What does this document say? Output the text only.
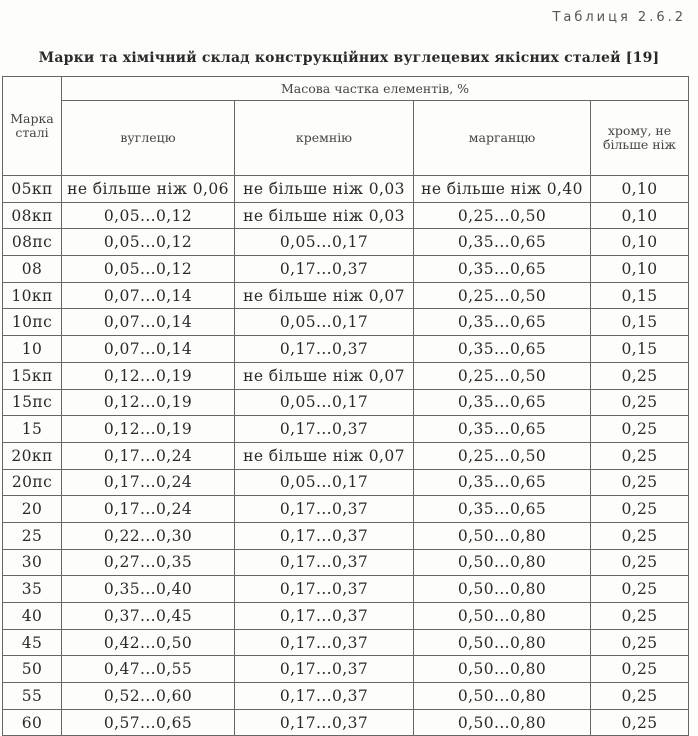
Таблиця 2.6.2
Марки та хімічний склад конструкційних вуглецевих якісних сталей [19]
Марка сталі	Масова частка елементів, %			
	вуглецю	кремнію	марганцю	хрому, не більше ніж
05кп	не більше ніж 0,06	не більше ніж 0,03	не більше ніж 0,40	0,10
08кп	0,05...0,12	не більше ніж 0,03	0,25...0,50	0,10
08пс	0,05...0,12	0,05...0,17	0,35...0,65	0,10
08	0,05...0,12	0,17...0,37	0,35...0,65	0,10
10кп	0,07...0,14	не більше ніж 0,07	0,25...0,50	0,15
10пс	0,07...0,14	0,05...0,17	0,35...0,65	0,15
10	0,07...0,14	0,17...0,37	0,35...0,65	0,15
15кп	0,12...0,19	не більше ніж 0,07	0,25...0,50	0,25
15пс	0,12...0,19	0,05...0,17	0,35...0,65	0,25
15	0,12...0,19	0,17...0,37	0,35...0,65	0,25
20кп	0,17...0,24	не більше ніж 0,07	0,25...0,50	0,25
20пс	0,17...0,24	0,05...0,17	0,35...0,65	0,25
20	0,17...0,24	0,17...0,37	0,35...0,65	0,25
25	0,22...0,30	0,17...0,37	0,50...0,80	0,25
30	0,27...0,35	0,17...0,37	0,50...0,80	0,25
35	0,35...0,40	0,17...0,37	0,50...0,80	0,25
40	0,37...0,45	0,17...0,37	0,50...0,80	0,25
45	0,42...0,50	0,17...0,37	0,50...0,80	0,25
50	0,47...0,55	0,17...0,37	0,50...0,80	0,25
55	0,52...0,60	0,17...0,37	0,50...0,80	0,25
60	0,57...0,65	0,17...0,37	0,50...0,80	0,25
